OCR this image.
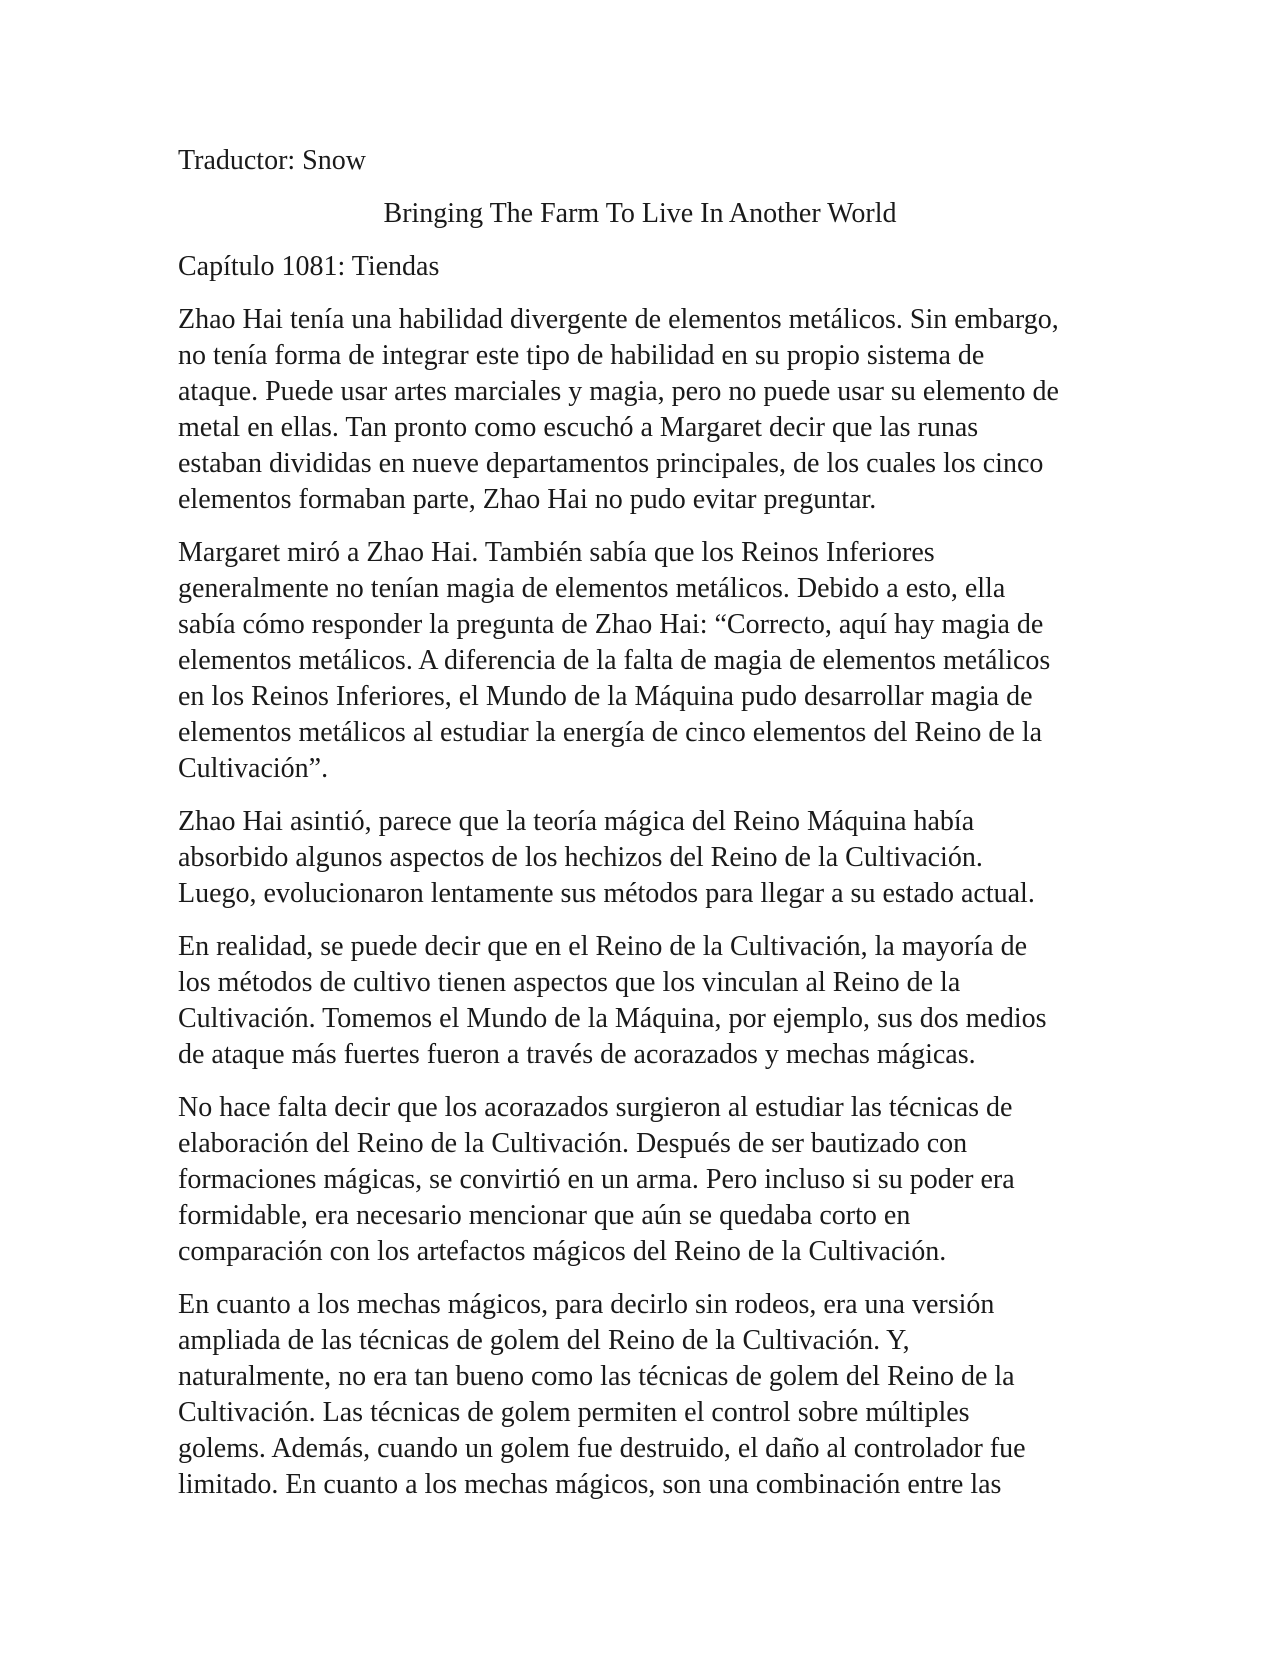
Traductor: Snow
Bringing The Farm To Live In Another World
Capítulo 1081: Tiendas
Zhao Hai tenía una habilidad divergente de elementos metálicos. Sin embargo,
no tenía forma de integrar este tipo de habilidad en su propio sistema de
ataque. Puede usar artes marciales y magia, pero no puede usar su elemento de
metal en ellas. Tan pronto como escuchó a Margaret decir que las runas
estaban divididas en nueve departamentos principales, de los cuales los cinco
elementos formaban parte, Zhao Hai no pudo evitar preguntar.
Margaret miró a Zhao Hai. También sabía que los Reinos Inferiores
generalmente no tenían magia de elementos metálicos. Debido a esto, ella
sabía cómo responder la pregunta de Zhao Hai: “Correcto, aquí hay magia de
elementos metálicos. A diferencia de la falta de magia de elementos metálicos
en los Reinos Inferiores, el Mundo de la Máquina pudo desarrollar magia de
elementos metálicos al estudiar la energía de cinco elementos del Reino de la
Cultivación”.
Zhao Hai asintió, parece que la teoría mágica del Reino Máquina había
absorbido algunos aspectos de los hechizos del Reino de la Cultivación.
Luego, evolucionaron lentamente sus métodos para llegar a su estado actual.
En realidad, se puede decir que en el Reino de la Cultivación, la mayoría de
los métodos de cultivo tienen aspectos que los vinculan al Reino de la
Cultivación. Tomemos el Mundo de la Máquina, por ejemplo, sus dos medios
de ataque más fuertes fueron a través de acorazados y mechas mágicas.
No hace falta decir que los acorazados surgieron al estudiar las técnicas de
elaboración del Reino de la Cultivación. Después de ser bautizado con
formaciones mágicas, se convirtió en un arma. Pero incluso si su poder era
formidable, era necesario mencionar que aún se quedaba corto en
comparación con los artefactos mágicos del Reino de la Cultivación.
En cuanto a los mechas mágicos, para decirlo sin rodeos, era una versión
ampliada de las técnicas de golem del Reino de la Cultivación. Y,
naturalmente, no era tan bueno como las técnicas de golem del Reino de la
Cultivación. Las técnicas de golem permiten el control sobre múltiples
golems. Además, cuando un golem fue destruido, el daño al controlador fue
limitado. En cuanto a los mechas mágicos, son una combinación entre las
